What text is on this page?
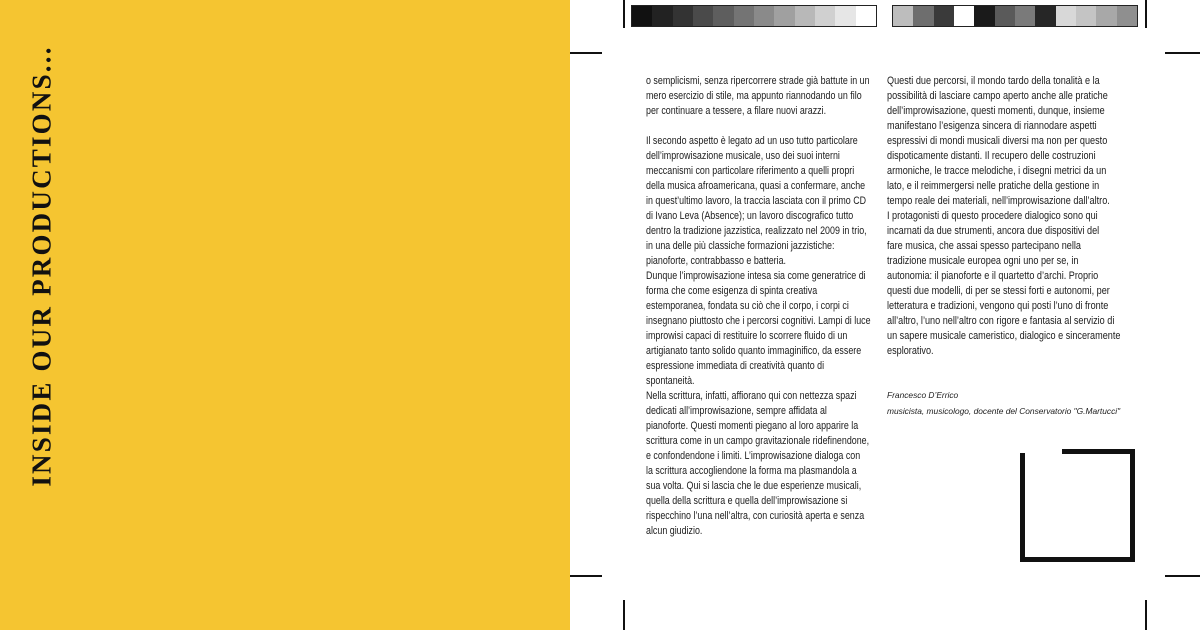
INSIDE OUR PRODUCTIONS...	o semplicismi, senza ripercorrere strade già battute in un

mero esercizio di stile, ma appunto riannodando un filo

per continuare a tessere, a filare nuovi arazzi.

Il secondo aspetto è legato ad un uso tutto particolare

dell’improwisazione musicale, uso dei suoi interni

meccanismi con particolare riferimento a quelli propri

della musica afroamericana, quasi a confermare, anche

in quest’ultimo lavoro, la traccia lasciata con il primo CD

di Ivano Leva (Absence); un lavoro discografico tutto

dentro la tradizione jazzistica, realizzato nel 2009 in trio,

in una delle più classiche formazioni jazzistiche:

pianoforte, contrabbasso e batteria.

Dunque l’improwisazione intesa sia come generatrice di

forma che come esigenza di spinta creativa

estemporanea, fondata su ciò che il corpo, i corpi ci

insegnano piuttosto che i percorsi cognitivi. Lampi di luce

improwisi capaci di restituire lo scorrere fluido di un

artigianato tanto solido quanto immaginifico, da essere

espressione immediata di creatività quanto di

spontaneità.

Nella scrittura, infatti, affiorano qui con nettezza spazi

dedicati all’improwisazione, sempre affidata al

pianoforte. Questi momenti piegano al loro apparire la

scrittura come in un campo gravitazionale ridefinendone,

e confondendone i limiti. L’improwisazione dialoga con

la scrittura accogliendone la forma ma plasmandola a

sua volta. Qui si lascia che le due esperienze musicali,

quella della scrittura e quella dell’improwisazione si

rispecchino l’una nell’altra, con curiosità aperta e senza

alcun giudizio.

Questi due percorsi, il mondo tardo della tonalità e la

possibilità di lasciare campo aperto anche alle pratiche

dell’improwisazione, questi momenti, dunque, insieme

manifestano l’esigenza sincera di riannodare aspetti

espressivi di mondi musicali diversi ma non per questo

dispoticamente distanti. Il recupero delle costruzioni

armoniche, le tracce melodiche, i disegni metrici da un

lato, e il reimmergersi nelle pratiche della gestione in

tempo reale dei materiali, nell’improwisazione dall’altro.

I protagonisti di questo procedere dialogico sono qui

incarnati da due strumenti, ancora due dispositivi del

fare musica, che assai spesso partecipano nella

tradizione musicale europea ogni uno per se, in

autonomia: il pianoforte e il quartetto d’archi. Proprio

questi due modelli, di per se stessi forti e autonomi, per

letteratura e tradizioni, vengono qui posti l’uno di fronte

all’altro, l’uno nell’altro con rigore e fantasia al servizio di

un sapere musicale cameristico, dialogico e sinceramente

esplorativo.

Francesco D’Errico
musicista, musicologo, docente del Conservatorio "G.Martucci"
